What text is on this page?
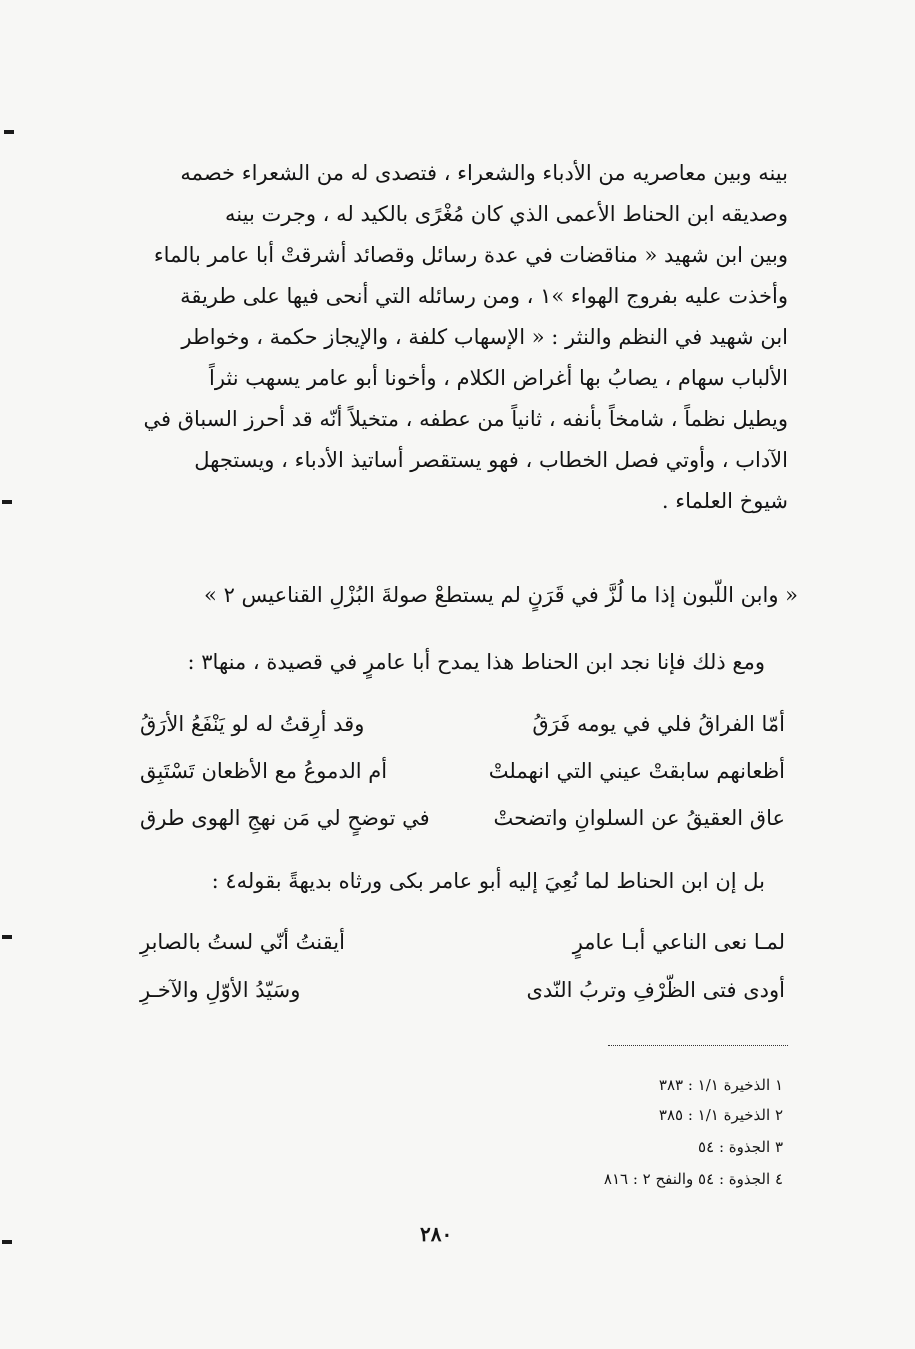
بينه وبين معاصريه من الأدباء والشعراء ، فتصدى له من الشعراء خصمه
وصديقه ابن الحناط الأعمى الذي كان مُغْرًى بالكيد له ، وجرت بينه
وبين ابن شهيد « مناقضات في عدة رسائل وقصائد أشرقتْ أبا عامر بالماء
وأخذت عليه بفروج الهواء »١ ، ومن رسائله التي أنحى فيها على طريقة
ابن شهيد في النظم والنثر : « الإسهاب كلفة ، والإيجاز حكمة ، وخواطر
الألباب سهام ، يصابُ بها أغراض الكلام ، وأخونا أبو عامر يسهب نثراً
ويطيل نظماً ، شامخاً بأنفه ، ثانياً من عطفه ، متخيلاً أنّه قد أحرز السباق في
الآداب ، وأوتي فصل الخطاب ، فهو يستقصر أساتيذ الأدباء ، ويستجهل
شيوخ العلماء .
« وابن اللّبون إذا ما لُزَّ في قَرَنٍ لم يستطعْ صولةَ البُزْلِ القناعيس ٢ »
ومع ذلك فإنا نجد ابن الحناط هذا يمدح أبا عامرٍ في قصيدة ، منها٣ :
أمّا الفراقُ فلي في يومه فَرَقُ
وقد أرِقتُ له لو يَنْفَعُ الأرَقُ
أظعانهم سابقتْ عيني التي انهملتْ
أم الدموعُ مع الأظعان تَسْتَبِق
عاق العقيقُ عن السلوانِ واتضحتْ
في توضحٍ لي مَن نهجِ الهوى طرق
بل إن ابن الحناط لما نُعِيَ إليه أبو عامر بكى ورثاه بديهةً بقوله٤ :
لمـا نعى الناعي أبـا عامرٍ
أيقنتُ أنّي لستُ بالصابرِ
أودى فتى الظّرْفِ وتربُ النّدى
وسَيّدُ الأوّلِ والآخـرِ
١ الذخيرة ١/١ : ٣٨٣
٢ الذخيرة ١/١ : ٣٨٥
٣ الجذوة : ٥٤
٤ الجذوة : ٥٤ والنفح ٢ : ٨١٦
٢٨٠
